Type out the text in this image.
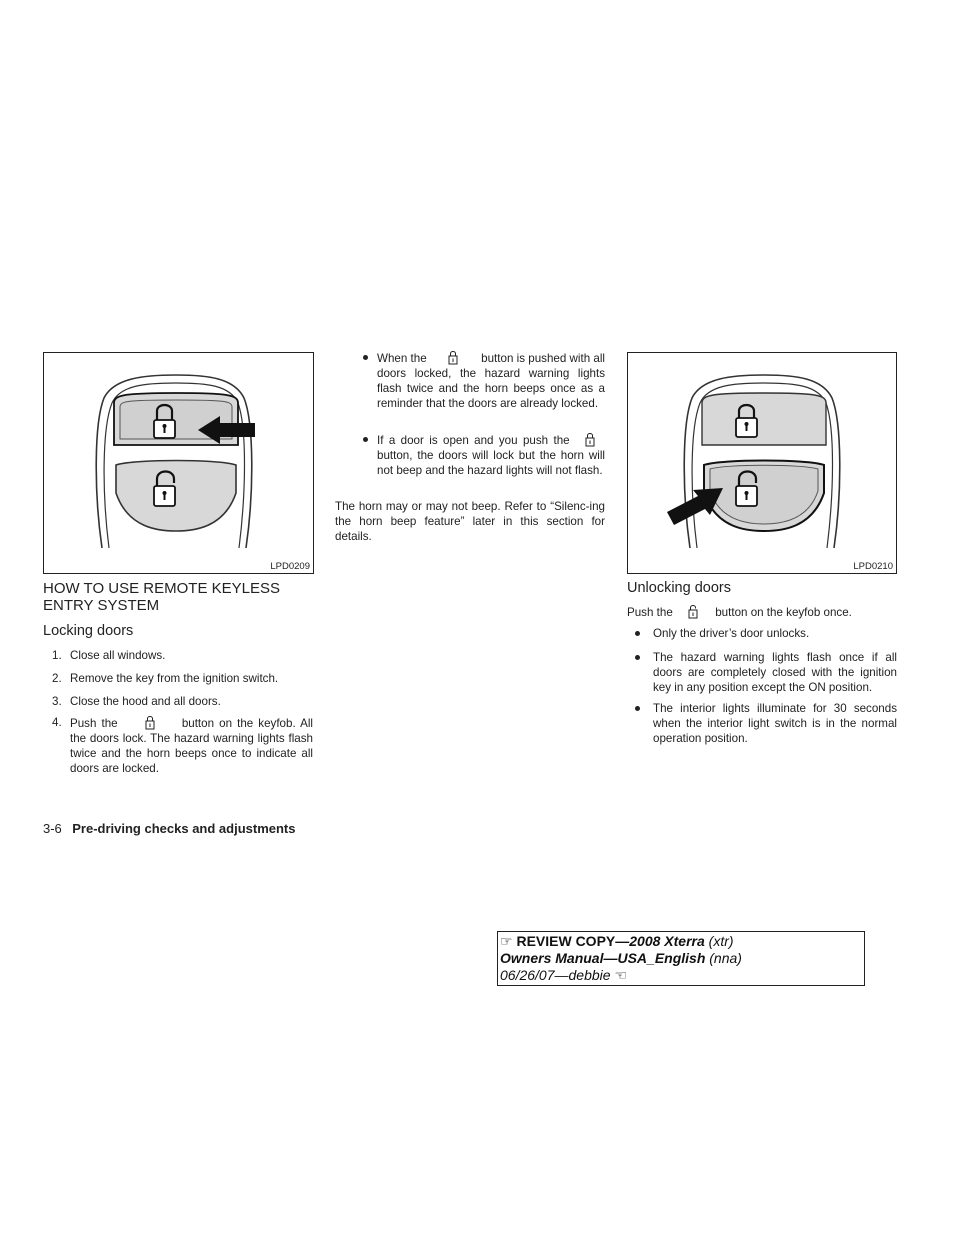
LPD0209
HOW TO USE REMOTE KEYLESS
ENTRY SYSTEM
Locking doors
1. Close all windows.
2. Remove the key from the ignition switch.
3. Close the hood and all doors.
4. Push the	button on the keyfob. All the doors lock. The hazard warning lights flash twice and the horn beeps once to indicate all doors are locked.
When the	button is pushed with all doors locked, the hazard warning lights flash twice and the horn beeps once as a reminder that the doors are already locked.
If a door is open and you push the  button, the doors will lock but the horn will not beep and the hazard lights will not flash.
The horn may or may not beep. Refer to “Silenc-ing the horn beep feature” later in this section for details.
LPD0210
Unlocking doors
Push the	button on the keyfob once.
Only the driver’s door unlocks.
The hazard warning lights flash once if all doors are completely closed with the ignition key in any position except the ON position.
The interior lights illuminate for 30 seconds when the interior light switch is in the normal operation position.
3-6 Pre-driving checks and adjustments
☞ REVIEW COPY—2008 Xterra (xtr)
Owners Manual—USA_English (nna)
06/26/07—debbie ☜
